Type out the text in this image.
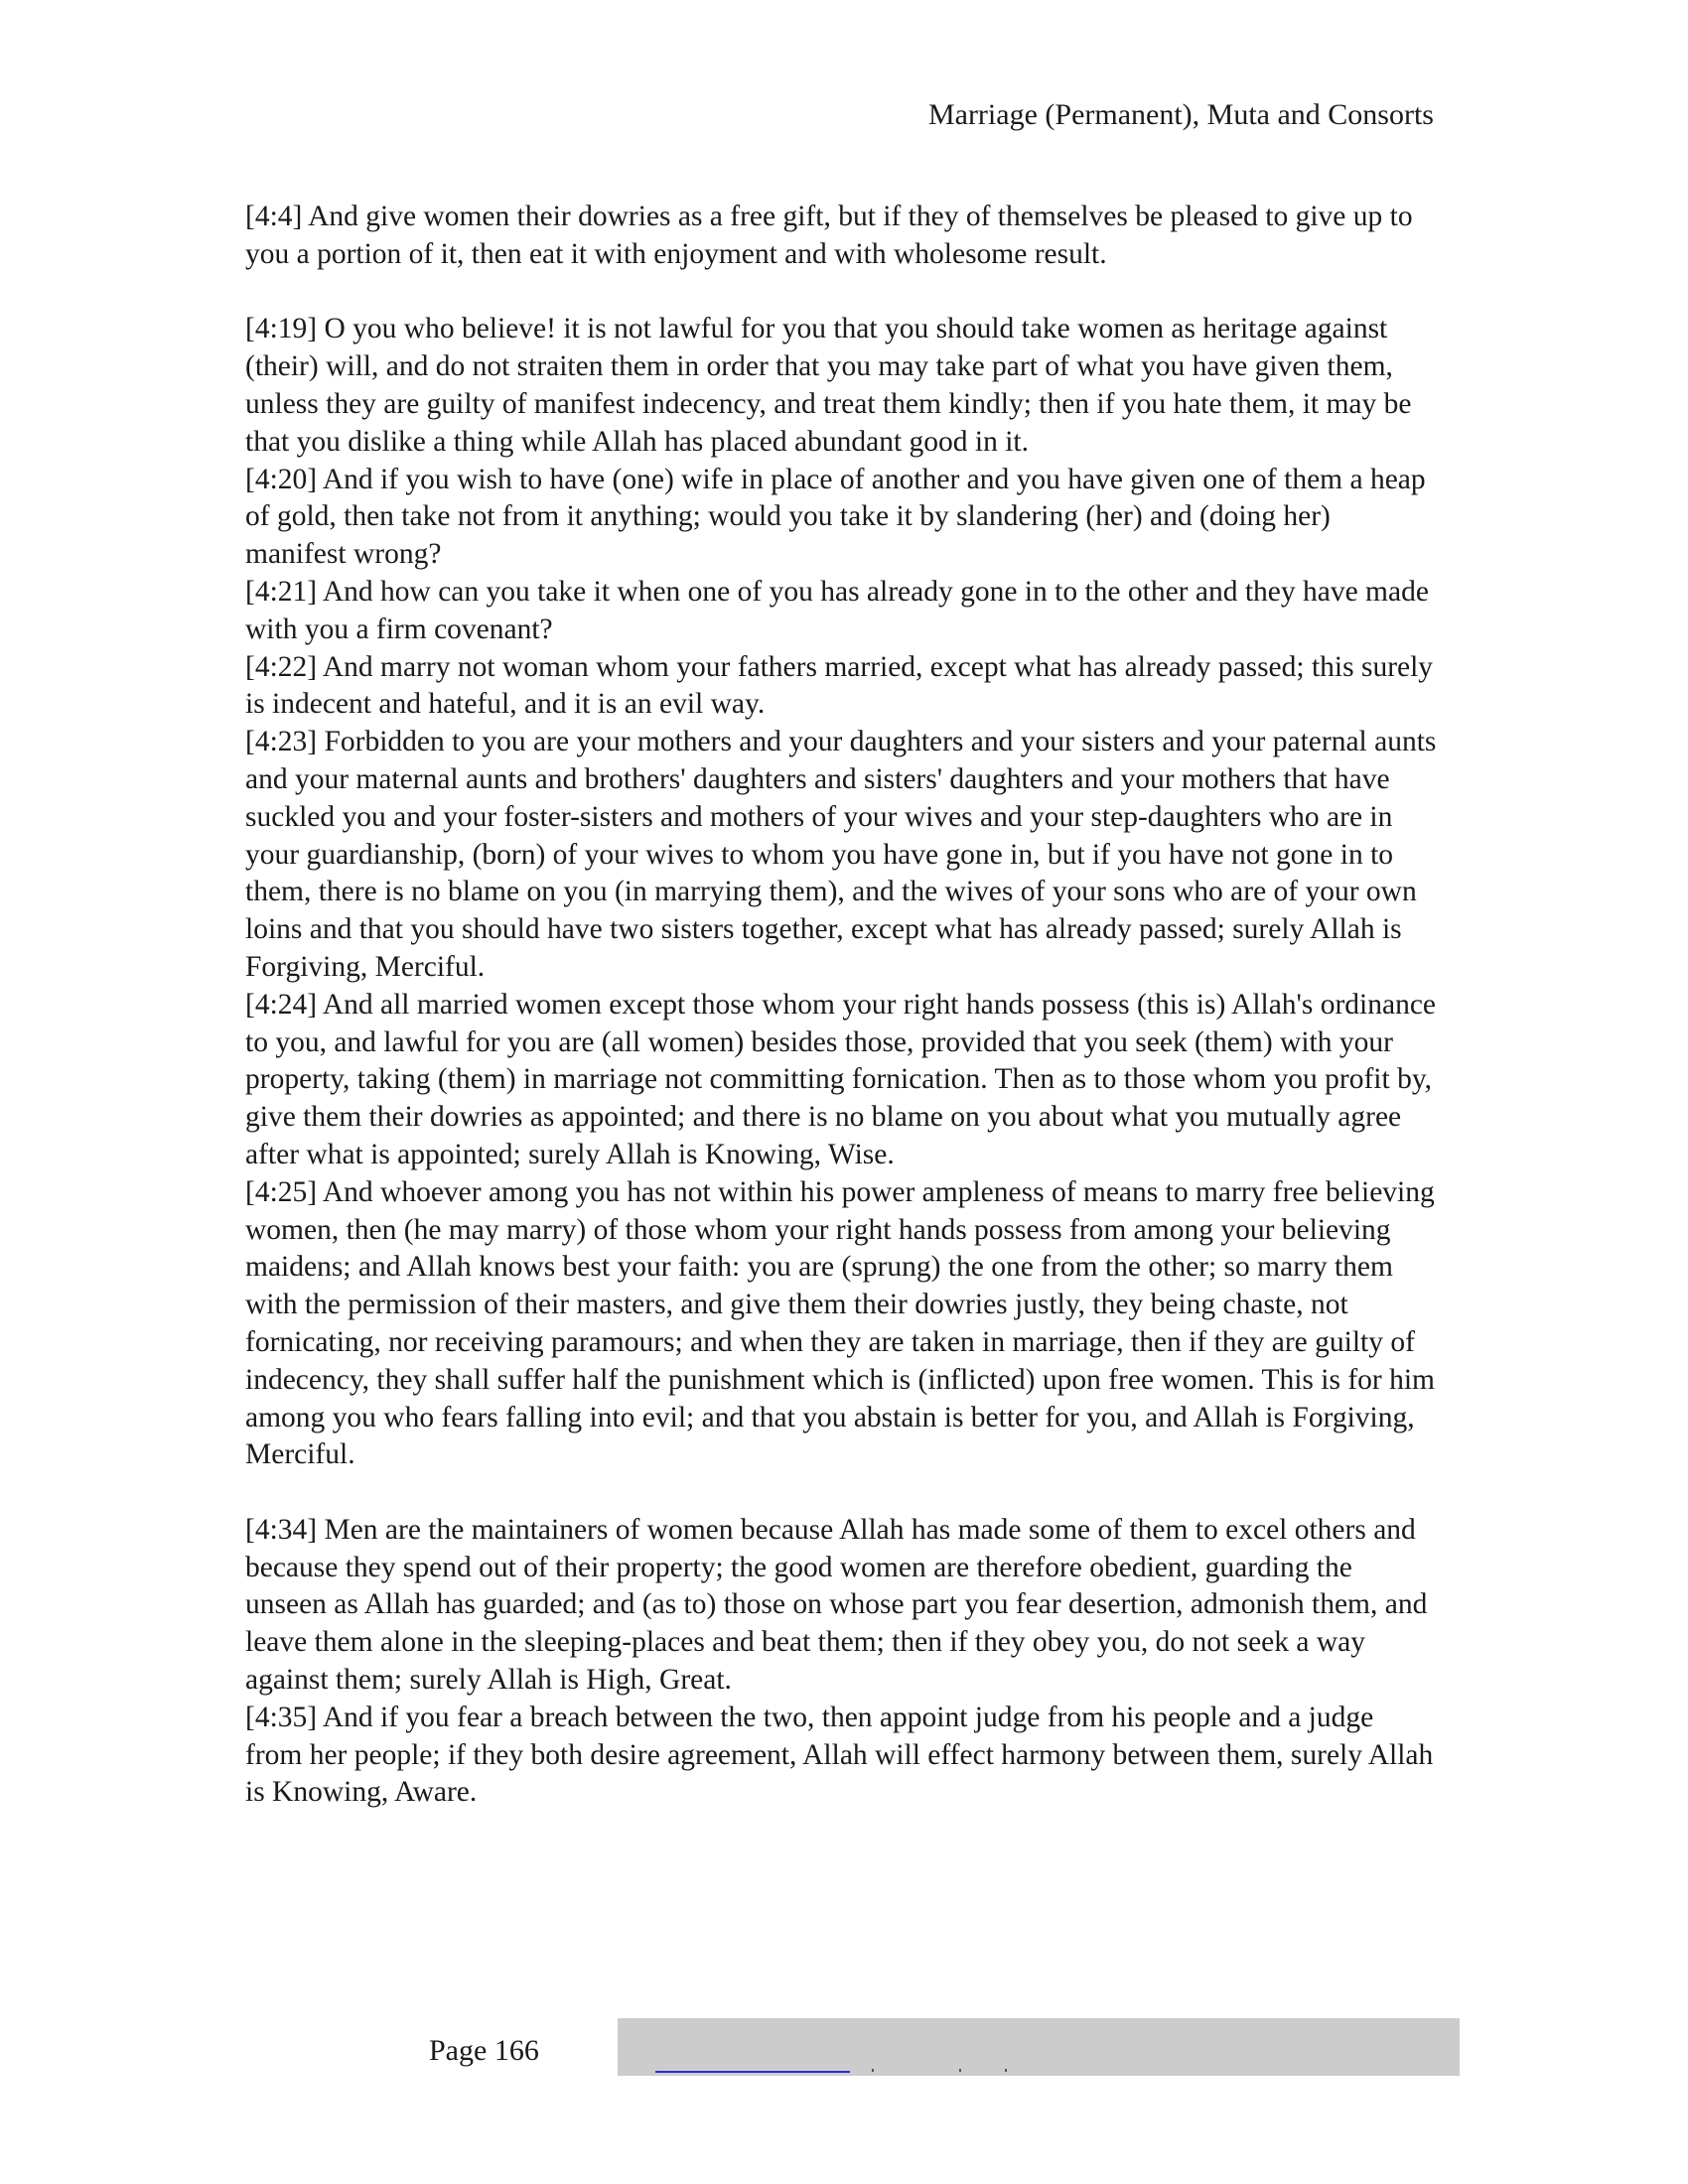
Marriage (Permanent), Muta and Consorts

[4:4] And give women their dowries as a free gift, but if they of themselves be pleased to give up to you a portion of it, then eat it with enjoyment and with wholesome result.

[4:19] O you who believe! it is not lawful for you that you should take women as heritage against (their) will, and do not straiten them in order that you may take part of what you have given them, unless they are guilty of manifest indecency, and treat them kindly; then if you hate them, it may be that you dislike a thing while Allah has placed abundant good in it.

[4:20] And if you wish to have (one) wife in place of another and you have given one of them a heap of gold, then take not from it anything; would you take it by slandering (her) and (doing her) manifest wrong?

[4:21] And how can you take it when one of you has already gone in to the other and they have made with you a firm covenant?

[4:22] And marry not woman whom your fathers married, except what has already passed; this surely is indecent and hateful, and it is an evil way.

[4:23] Forbidden to you are your mothers and your daughters and your sisters and your paternal aunts and your maternal aunts and brothers' daughters and sisters' daughters and your mothers that have suckled you and your foster-sisters and mothers of your wives and your step-daughters who are in your guardianship, (born) of your wives to whom you have gone in, but if you have not gone in to them, there is no blame on you (in marrying them), and the wives of your sons who are of your own loins and that you should have two sisters together, except what has already passed; surely Allah is Forgiving, Merciful.

[4:24] And all married women except those whom your right hands possess (this is) Allah's ordinance to you, and lawful for you are (all women) besides those, provided that you seek (them) with your property, taking (them) in marriage not committing fornication. Then as to those whom you profit by, give them their dowries as appointed; and there is no blame on you about what you mutually agree after what is appointed; surely Allah is Knowing, Wise.

[4:25] And whoever among you has not within his power ampleness of means to marry free believing women, then (he may marry) of those whom your right hands possess from among your believing maidens; and Allah knows best your faith: you are (sprung) the one from the other; so marry them with the permission of their masters, and give them their dowries justly, they being chaste, not fornicating, nor receiving paramours; and when they are taken in marriage, then if they are guilty of indecency, they shall suffer half the punishment which is (inflicted) upon free women. This is for him among you who fears falling into evil; and that you abstain is better for you, and Allah is Forgiving, Merciful.

[4:34] Men are the maintainers of women because Allah has made some of them to excel others and because they spend out of their property; the good women are therefore obedient, guarding the unseen as Allah has guarded; and (as to) those on whose part you fear desertion, admonish them, and leave them alone in the sleeping-places and beat them; then if they obey you, do not seek a way against them; surely Allah is High, Great.

[4:35] And if you fear a breach between the two, then appoint judge from his people and a judge from her people; if they both desire agreement, Allah will effect harmony between them, surely Allah is Knowing, Aware.

Page 166
